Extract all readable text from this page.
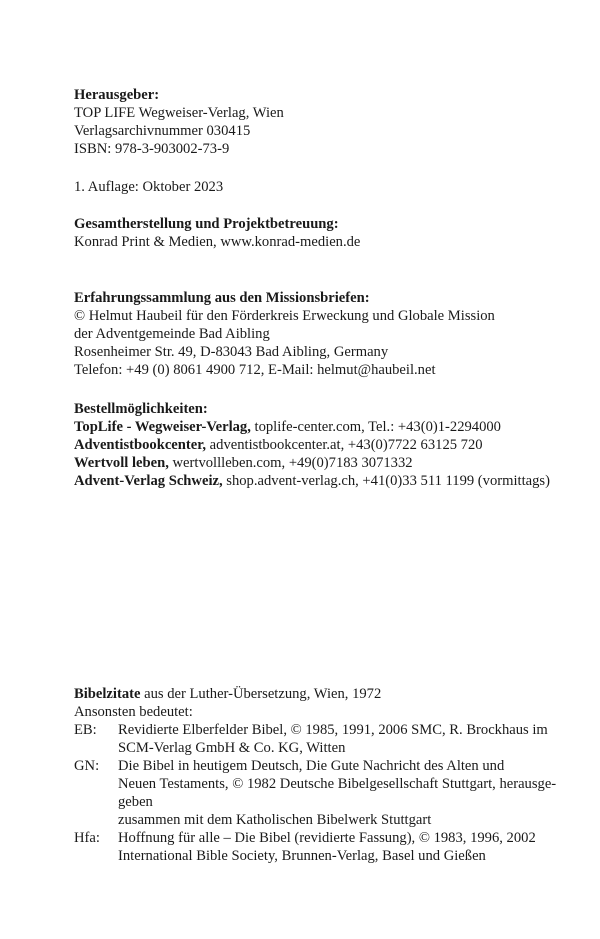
Herausgeber:
TOP LIFE Wegweiser-Verlag, Wien
Verlagsarchivnummer 030415
ISBN: 978-3-903002-73-9
1. Auflage: Oktober 2023
Gesamtherstellung und Projektbetreuung:
Konrad Print & Medien, www.konrad-medien.de
Erfahrungssammlung aus den Missionsbriefen:
© Helmut Haubeil für den Förderkreis Erweckung und Globale Mission
der Adventgemeinde Bad Aibling
Rosenheimer Str. 49, D-83043 Bad Aibling, Germany
Telefon: +49 (0) 8061 4900 712, E-Mail: helmut@haubeil.net
Bestellmöglichkeiten:
TopLife - Wegweiser-Verlag, toplife-center.com, Tel.: +43(0)1-2294000
Adventistbookcenter, adventistbookcenter.at, +43(0)7722 63125 720
Wertvoll leben, wertvollleben.com, +49(0)7183 3071332
Advent-Verlag Schweiz, shop.advent-verlag.ch, +41(0)33 511 1199 (vormittags)
Bibelzitate aus der Luther-Übersetzung, Wien, 1972
Ansonsten bedeutet:
EB:	Revidierte Elberfelder Bibel, © 1985, 1991, 2006 SMC, R. Brockhaus im
SCM-Verlag GmbH & Co. KG, Witten
GN:	Die Bibel in heutigem Deutsch, Die Gute Nachricht des Alten und
Neuen Testaments, © 1982 Deutsche Bibelgesellschaft Stuttgart, herausge-
geben
zusammen mit dem Katholischen Bibelwerk Stuttgart
Hfa:	Hoffnung für alle – Die Bibel (revidierte Fassung), © 1983, 1996, 2002
International Bible Society, Brunnen-Verlag, Basel und Gießen
